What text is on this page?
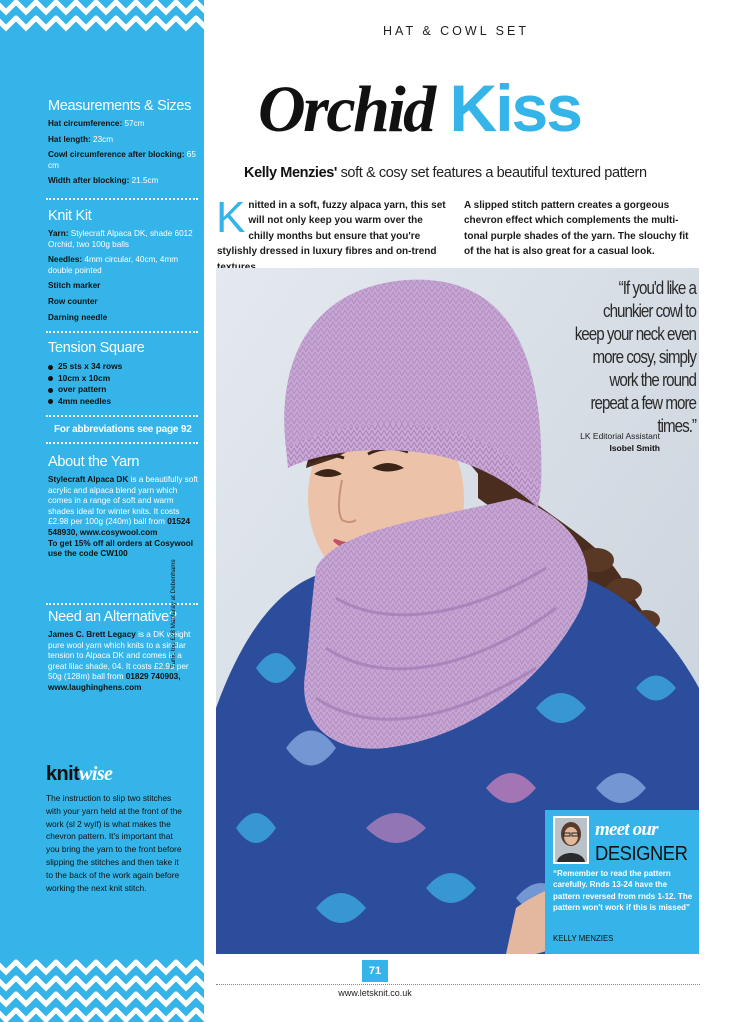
Measurements & Sizes
Hat circumference: 57cm
Hat length: 23cm
Cowl circumference after blocking: 65 cm
Width after blocking: 21.5cm
Knit Kit
Yarn: Stylecraft Alpaca DK, shade 6012 Orchid, two 100g balls
Needles: 4mm circular, 40cm, 4mm double pointed
Stitch marker
Row counter
Darning needle
Tension Square
25 sts x 34 rows
10cm x 10cm
over pattern
4mm needles
For abbreviations see page 92
About the Yarn
Stylecraft Alpaca DK is a beautifully soft acrylic and alpaca blend yarn which comes in a range of soft and warm shades ideal for winter knits. It costs £2.98 per 100g (240m) ball from 01524 548930, www.cosywool.com
To get 15% off all orders at Cosywool use the code CW100
Need an Alternative?
James C. Brett Legacy is a DK weight pure wool yarn which knits to a similar tension to Alpaca DK and comes in a great lilac shade, 04. It costs £2.99 per 50g (128m) ball from 01829 740903, www.laughinghens.com
knitwise
The instruction to slip two stitches with your yarn held at the front of the work (sl 2 wyif) is what makes the chevron pattern. It's important that you bring the yarn to the front before slipping the stitches and then take it to the back of the work again before working the next knit stitch.
HAT & COWL SET
Orchid Kiss
Kelly Menzies' soft & cosy set features a beautiful textured pattern
Knitted in a soft, fuzzy alpaca yarn, this set will not only keep you warm over the chilly months but ensure that you're stylishly dressed in luxury fibres and on-trend
A slipped stitch pattern creates a gorgeous chevron effect which complements the multi-tonal purple shades of the yarn. The slouchy fit of the hat is also great for a casual look.
“If you'd like a chunkier cowl to keep your neck even more cosy, simply work the round repeat a few more times.”
LK Editorial Assistant
Isobel Smith
Tunic top £28 Mantaray at Debenhams
meet our
DESIGNER
“Remember to read the pattern carefully. Rnds 13-24 have the pattern reversed from rnds 1-12. The pattern won't work if this is missed”
KELLY MENZIES
71
www.letsknit.co.uk
